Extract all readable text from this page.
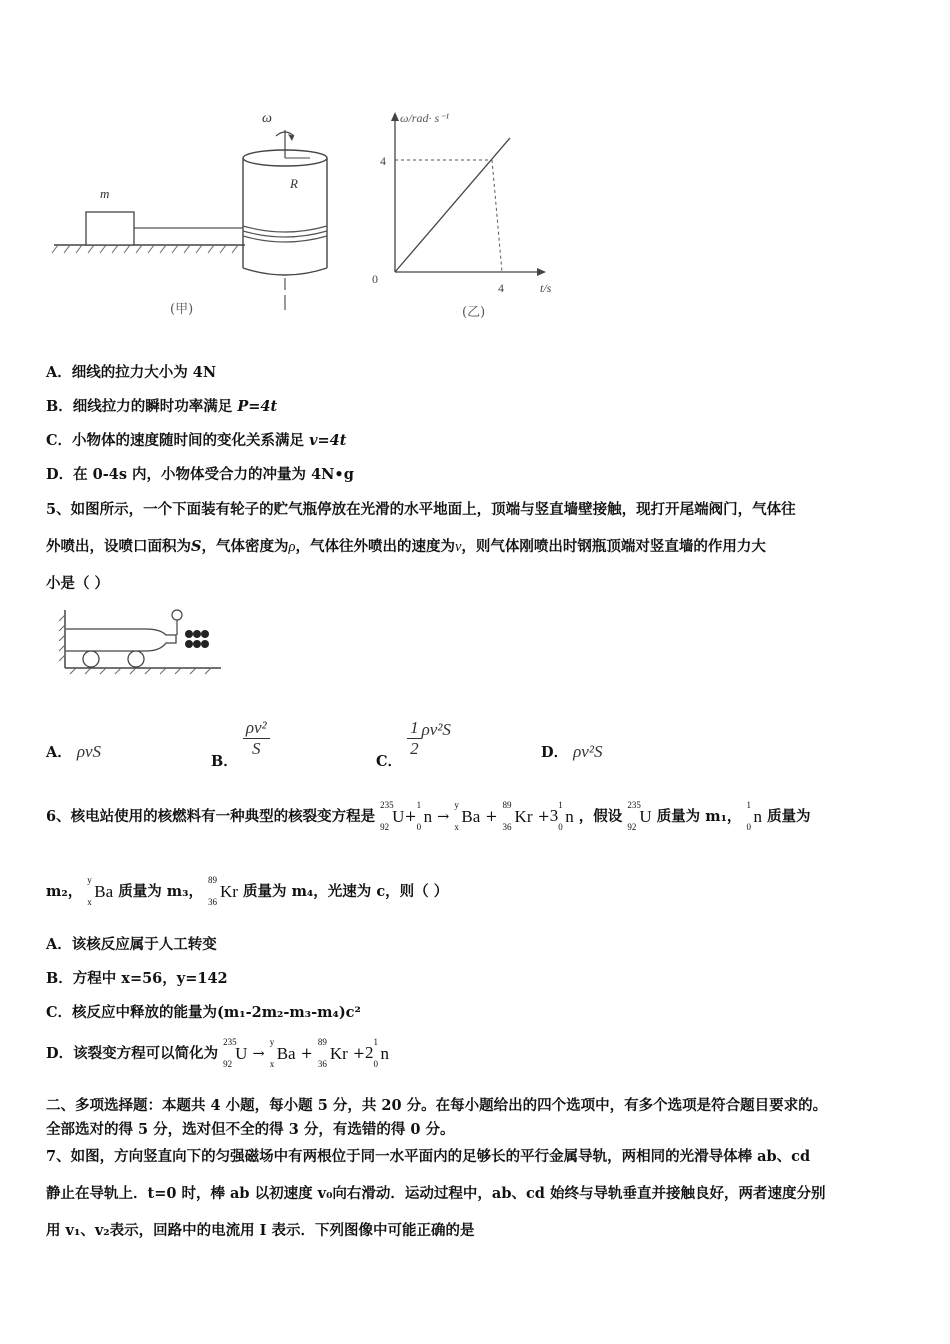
m
ω
R
(甲)
ω/rad· s⁻¹
4
0
4	t/s
(乙)
A．细线的拉力大小为 4N
B．细线拉力的瞬时功率满足 P=4t
C．小物体的速度随时间的变化关系满足 v=4t
D．在 0-4s 内，小物体受合力的冲量为 4N•g
5、如图所示，一个下面装有轮子的贮气瓶停放在光滑的水平地面上，顶端与竖直墙壁接触，现打开尾端阀门，气体往
外喷出，设喷口面积为S，气体密度为ρ，气体往外喷出的速度为v，则气体刚喷出时钢瓶顶端对竖直墙的作用力大
小是（ ）
A． ρvS	B．
$\frac{\text{ρv²}}{S}$
C．
$\frac{1}{2} \rho v^2S$
D． ρv²S
6、核电站使用的核燃料有一种典型的核裂变方程是
235
92
U+
1
0
n →
y
x
Ba +
89
36
Kr +3
1
0
n ，假设
235
92
U 质量为 m₁，
1
0
n 质量为
m₂，
y
x
Ba 质量为 m₃，
89
36
Kr 质量为 m₄，光速为 c，则（ ）
A．该核反应属于人工转变
B．方程中 x=56，y=142
C．核反应中释放的能量为(m₁-2m₂-m₃-m₄)c²
D．该裂变方程可以简化为
235
92
U →
y
x
Ba +
89
36
Kr +2
1
0
n
二、多项选择题：本题共 4 小题，每小题 5 分，共 20 分。在每小题给出的四个选项中，有多个选项是符合题目要求的。
全部选对的得 5 分，选对但不全的得 3 分，有选错的得 0 分。
7、如图，方向竖直向下的匀强磁场中有两根位于同一水平面内的足够长的平行金属导轨，两相同的光滑导体棒 ab、cd
静止在导轨上．t=0 时，棒 ab 以初速度 v₀向右滑动．运动过程中，ab、cd 始终与导轨垂直并接触良好，两者速度分别
用 v₁、v₂表示，回路中的电流用 I 表示．下列图像中可能正确的是
